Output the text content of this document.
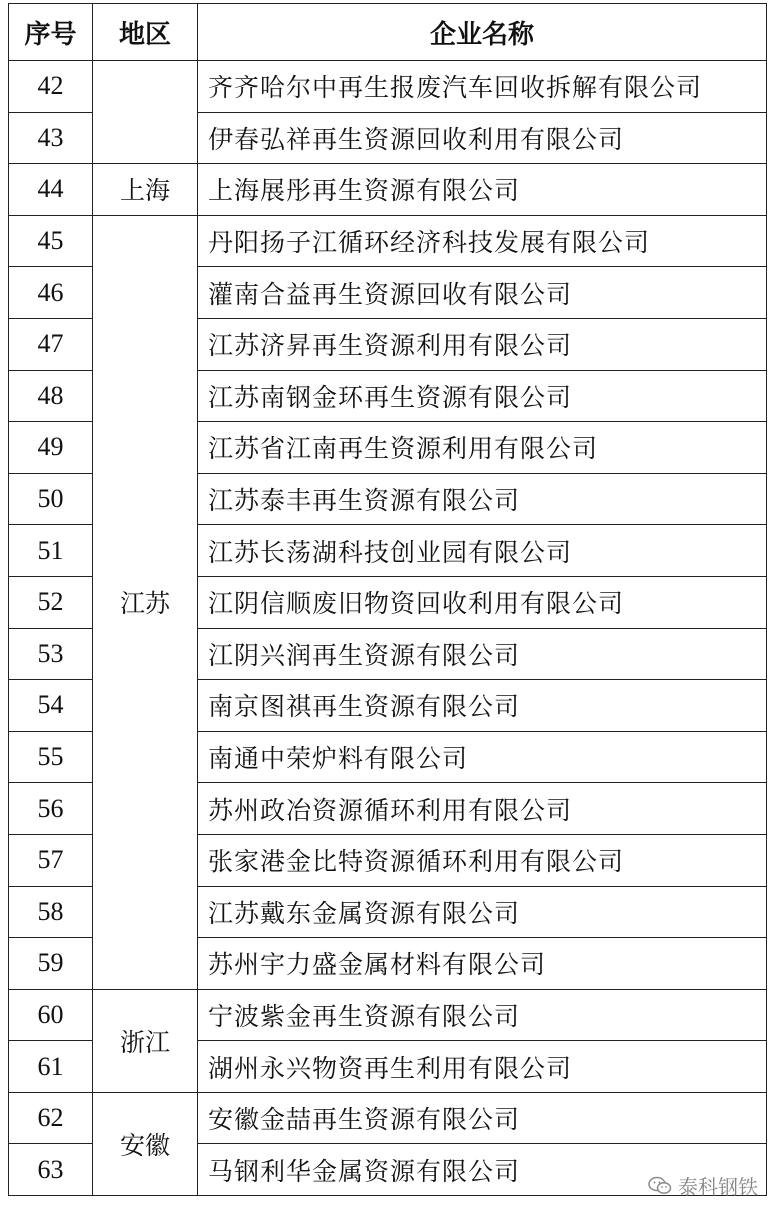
序号	地区	企业名称
42		齐齐哈尔中再生报废汽车回收拆解有限公司
43		伊春弘祥再生资源回收利用有限公司
44	上海	上海展彤再生资源有限公司
45	江苏	丹阳扬子江循环经济科技发展有限公司
46		灌南合益再生资源回收有限公司
47		江苏济昇再生资源利用有限公司
48		江苏南钢金环再生资源有限公司
49		江苏省江南再生资源利用有限公司
50		江苏泰丰再生资源有限公司
51		江苏长荡湖科技创业园有限公司
52		江阴信顺废旧物资回收利用有限公司
53		江阴兴润再生资源有限公司
54		南京图祺再生资源有限公司
55		南通中荣炉料有限公司
56		苏州政冶资源循环利用有限公司
57		张家港金比特资源循环利用有限公司
58		江苏戴东金属资源有限公司
59		苏州宇力盛金属材料有限公司
60	浙江	宁波紫金再生资源有限公司
61		湖州永兴物资再生利用有限公司
62	安徽	安徽金喆再生资源有限公司
63		马钢利华金属资源有限公司
泰科钢铁
